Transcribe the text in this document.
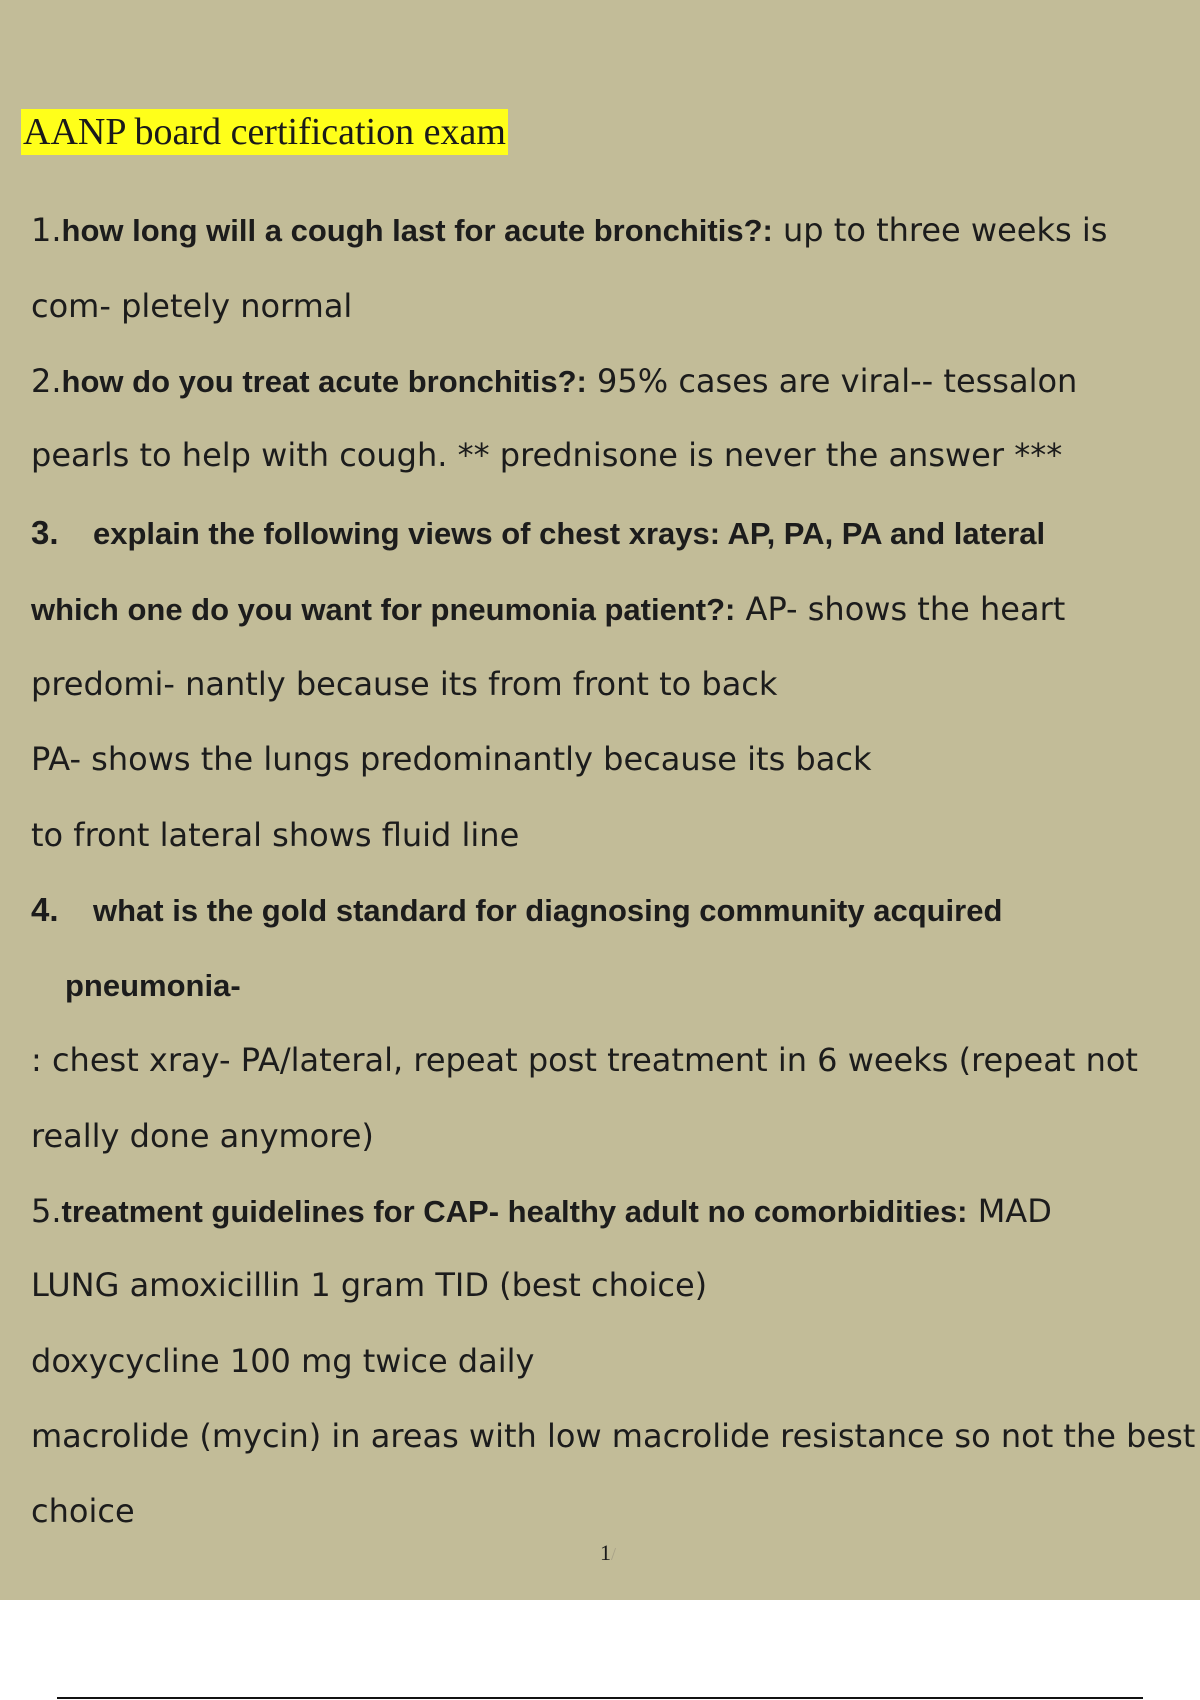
AANP board certification exam
1.how long will a cough last for acute bronchitis?: up to three weeks is
com- pletely normal
2.how do you treat acute bronchitis?: 95% cases are viral-- tessalon
pearls to help with cough. ** prednisone is never the answer ***
3. explain the following views of chest xrays: AP, PA, PA and lateral
which one do you want for pneumonia patient?: AP- shows the heart
predomi- nantly because its from front to back
PA- shows the lungs predominantly because its back
to front lateral shows fluid line
4. what is the gold standard for diagnosing community acquired
pneumonia-
: chest xray- PA/lateral, repeat post treatment in 6 weeks (repeat not
really done anymore)
5.treatment guidelines for CAP- healthy adult no comorbidities: MAD
LUNG amoxicillin 1 gram TID (best choice)
doxycycline 100 mg twice daily
macrolide (mycin) in areas with low macrolide resistance so not the best
choice
1/
